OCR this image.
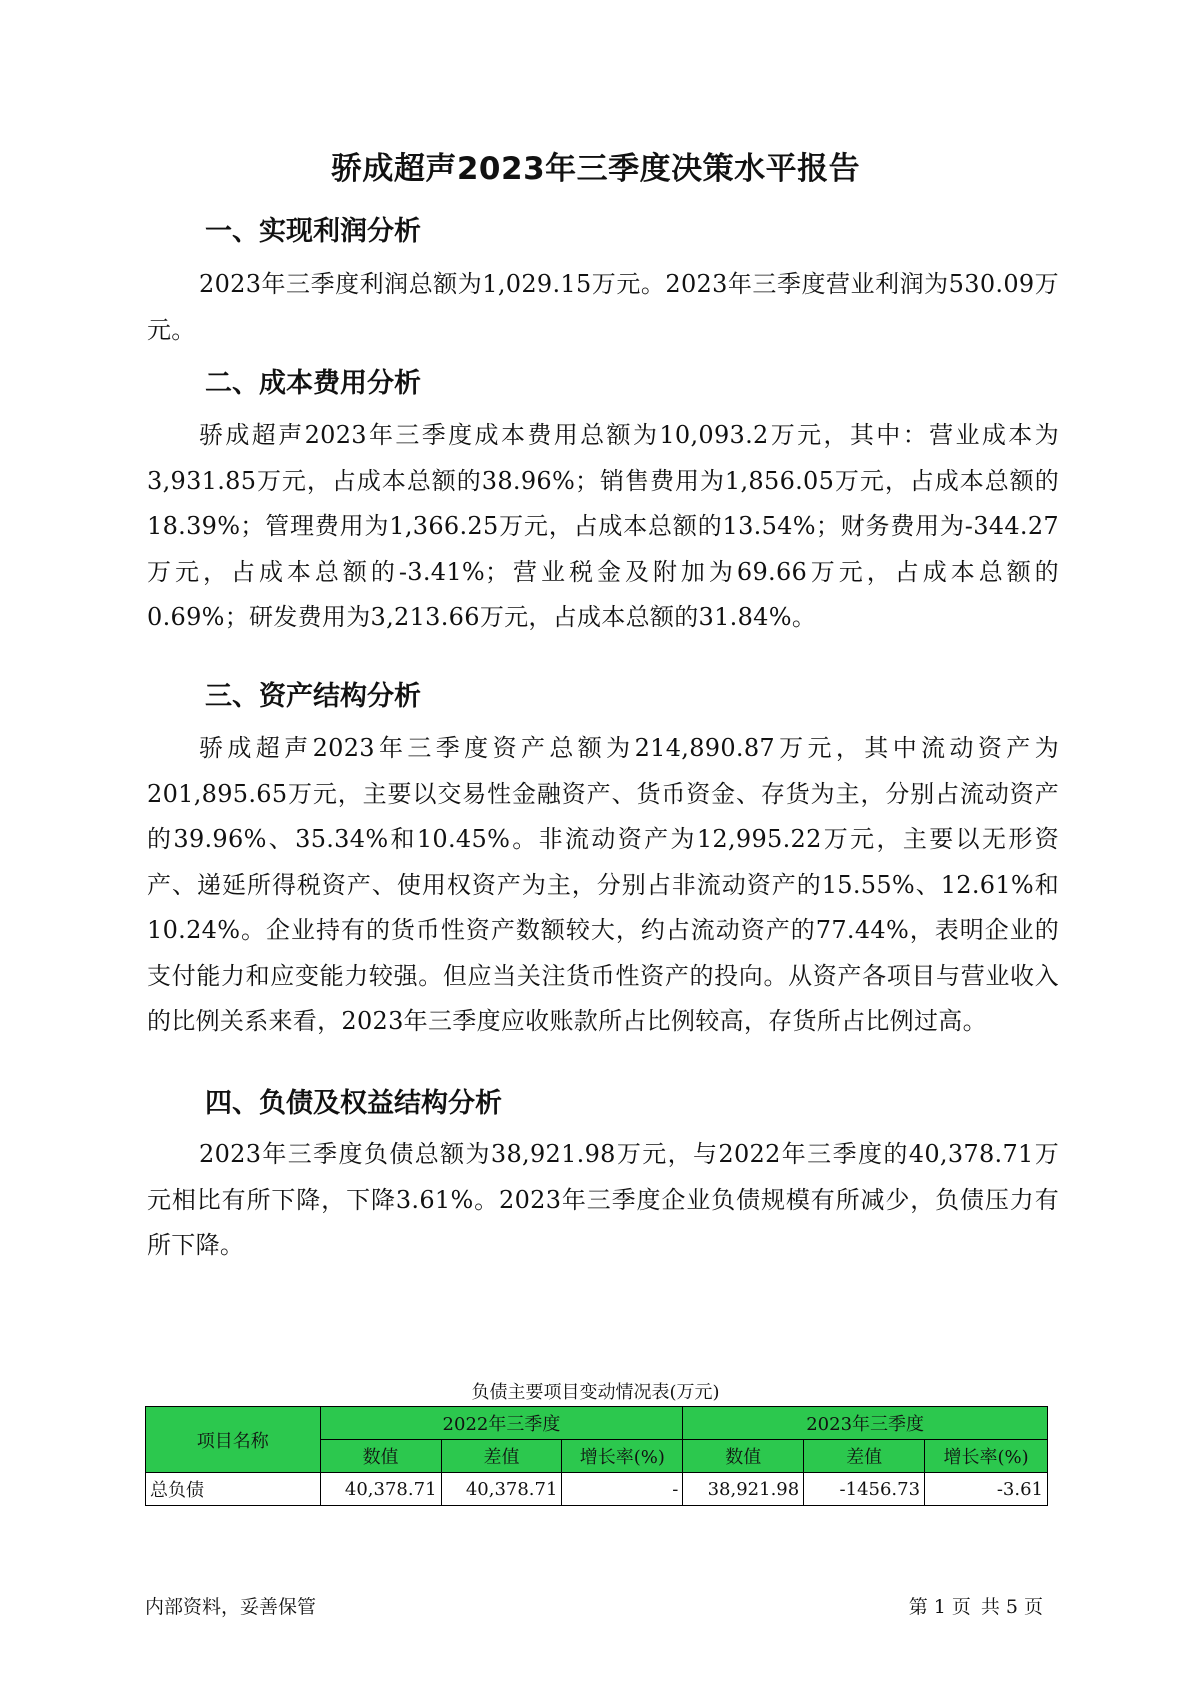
骄成超声2023年三季度决策水平报告
一、实现利润分析
2023年三季度利润总额为1,029.15万元。2023年三季度营业利润为530.09万元。
二、成本费用分析
骄成超声2023年三季度成本费用总额为10,093.2万元，其中：营业成本为3,931.85万元，占成本总额的38.96%；销售费用为1,856.05万元，占成本总额的18.39%；管理费用为1,366.25万元，占成本总额的13.54%；财务费用为-344.27万元，占成本总额的-3.41%；营业税金及附加为69.66万元，占成本总额的0.69%；研发费用为3,213.66万元，占成本总额的31.84%。
三、资产结构分析
骄成超声2023年三季度资产总额为214,890.87万元，其中流动资产为201,895.65万元，主要以交易性金融资产、货币资金、存货为主，分别占流动资产的39.96%、35.34%和10.45%。非流动资产为12,995.22万元，主要以无形资产、递延所得税资产、使用权资产为主，分别占非流动资产的15.55%、12.61%和10.24%。企业持有的货币性资产数额较大，约占流动资产的77.44%，表明企业的支付能力和应变能力较强。但应当关注货币性资产的投向。从资产各项目与营业收入的比例关系来看，2023年三季度应收账款所占比例较高，存货所占比例过高。
四、负债及权益结构分析
2023年三季度负债总额为38,921.98万元，与2022年三季度的40,378.71万元相比有所下降，下降3.61%。2023年三季度企业负债规模有所减少，负债压力有所下降。
负债主要项目变动情况表(万元)
项目名称	2022年三季度			2023年三季度		
	数值	差值	增长率(%)	数值	差值	增长率(%)
总负债	40,378.71	40,378.71	-	38,921.98	-1456.73	-3.61
内部资料，妥善保管	第 1 页 共 5 页
